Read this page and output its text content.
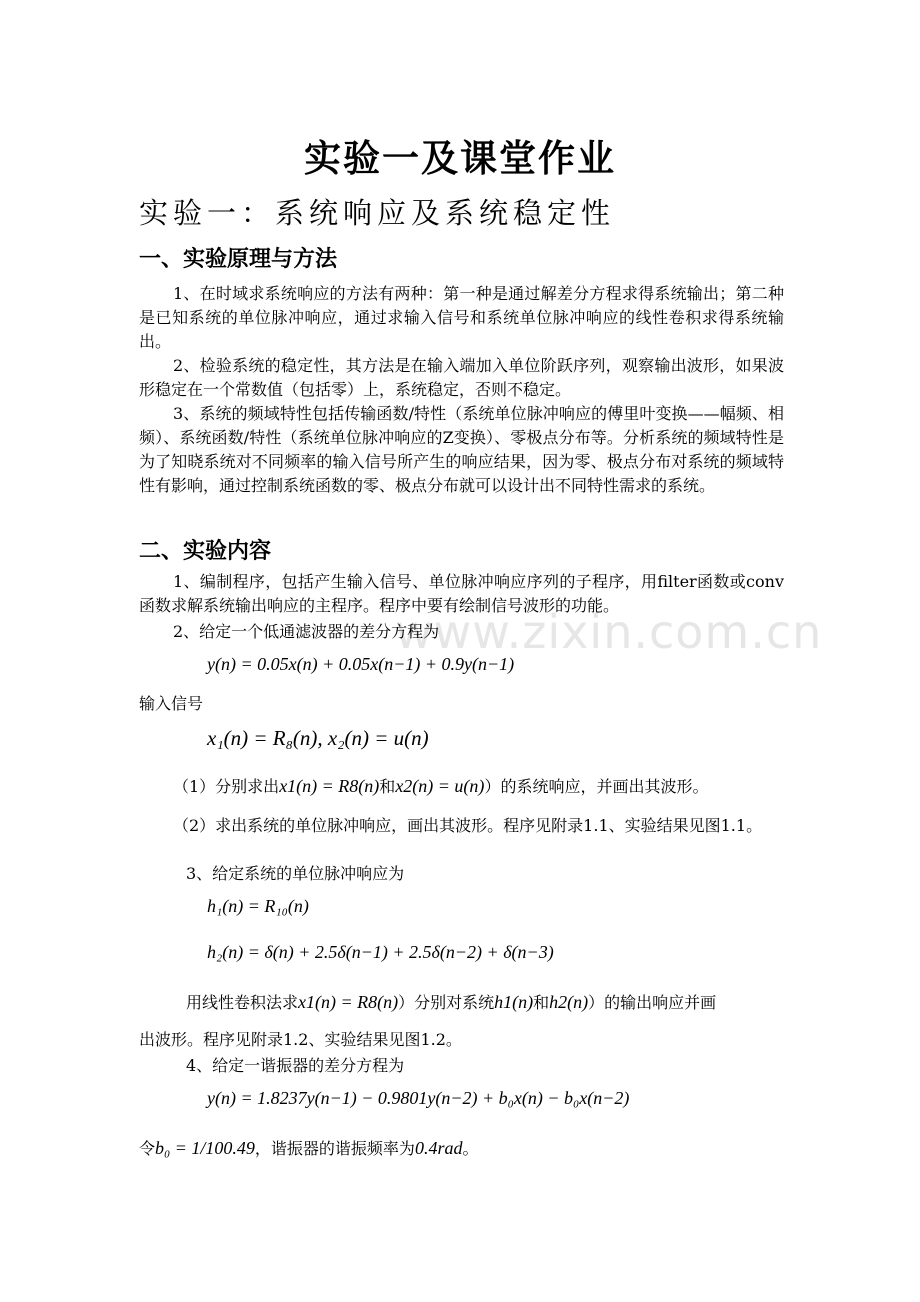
www.zixin.com.cn
实验一及课堂作业
实验一：系统响应及系统稳定性
一、实验原理与方法
1、在时域求系统响应的方法有两种：第一种是通过解差分方程求得系统输出；第二种是已知系统的单位脉冲响应，通过求输入信号和系统单位脉冲响应的线性卷积求得系统输出。
2、检验系统的稳定性，其方法是在输入端加入单位阶跃序列，观察输出波形，如果波形稳定在一个常数值（包括零）上，系统稳定，否则不稳定。
3、系统的频域特性包括传输函数/特性（系统单位脉冲响应的傅里叶变换——幅频、相频）、系统函数/特性（系统单位脉冲响应的Z变换）、零极点分布等。分析系统的频域特性是为了知晓系统对不同频率的输入信号所产生的响应结果，因为零、极点分布对系统的频域特性有影响，通过控制系统函数的零、极点分布就可以设计出不同特性需求的系统。
二、实验内容
1、编制程序，包括产生输入信号、单位脉冲响应序列的子程序，用filter函数或conv函数求解系统输出响应的主程序。程序中要有绘制信号波形的功能。
2、给定一个低通滤波器的差分方程为
y(n) = 0.05x(n) + 0.05x(n−1) + 0.9y(n−1)
输入信号
x₁(n) = R₈(n), x₂(n) = u(n)
（1）分别求出x1(n) = R8(n)和x2(n) = u(n)）的系统响应，并画出其波形。
（2）求出系统的单位脉冲响应，画出其波形。程序见附录1.1、实验结果见图1.1。
3、给定系统的单位脉冲响应为
h₁(n) = R₁₀(n)
h₂(n) = δ(n) + 2.5δ(n−1) + 2.5δ(n−2) + δ(n−3)
用线性卷积法求x1(n) = R8(n)）分别对系统h1(n)和h2(n)）的输出响应并画
出波形。程序见附录1.2、实验结果见图1.2。
4、给定一谐振器的差分方程为
y(n) = 1.8237y(n−1) − 0.9801y(n−2) + b₀x(n) − b₀x(n−2)
令b₀ = 1/100.49，谐振器的谐振频率为0.4rad。
